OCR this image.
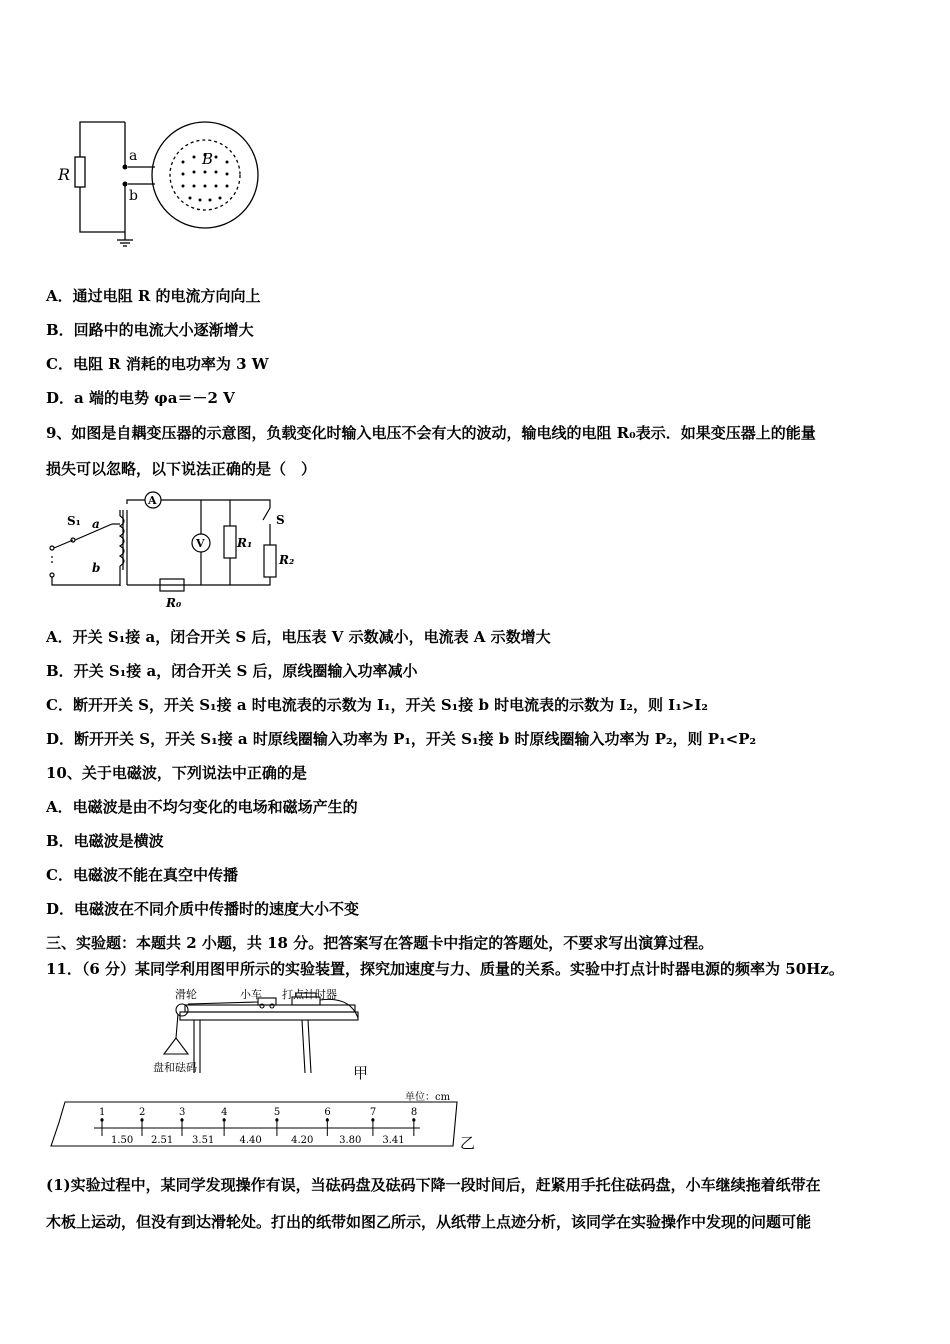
R
a
b
B
A．通过电阻 R 的电流方向向上
B．回路中的电流大小逐渐增大
C．电阻 R 消耗的电功率为 3 W
D．a 端的电势 φa＝－2 V
9、如图是自耦变压器的示意图，负载变化时输入电压不会有大的波动，输电线的电阻 R₀表示．如果变压器上的能量
损失可以忽略，以下说法正确的是（　）
S₁ a
b
A
V	R₁
R₂
R₀
S
A．开关 S₁接 a，闭合开关 S 后，电压表 V 示数减小，电流表 A 示数增大
B．开关 S₁接 a，闭合开关 S 后，原线圈输入功率减小
C．断开开关 S，开关 S₁接 a 时电流表的示数为 I₁，开关 S₁接 b 时电流表的示数为 I₂，则 I₁>I₂
D．断开开关 S，开关 S₁接 a 时原线圈输入功率为 P₁，开关 S₁接 b 时原线圈输入功率为 P₂，则 P₁<P₂
10、关于电磁波，下列说法中正确的是
A．电磁波是由不均匀变化的电场和磁场产生的
B．电磁波是横波
C．电磁波不能在真空中传播
D．电磁波在不同介质中传播时的速度大小不变
三、实验题：本题共 2 小题，共 18 分。把答案写在答题卡中指定的答题处，不要求写出演算过程。
11．（6 分）某同学利用图甲所示的实验装置，探究加速度与力、质量的关系。实验中打点计时器电源的频率为 50Hz。
滑轮	小车 打点计时器
盘和砝码	甲
单位：cm
1	2	3	4	5	6	7	8
1.50 2.51 3.51	4.40	4.20	3.80 3.41	乙
(1)实验过程中，某同学发现操作有误，当砝码盘及砝码下降一段时间后，赶紧用手托住砝码盘，小车继续拖着纸带在
木板上运动，但没有到达滑轮处。打出的纸带如图乙所示，从纸带上点迹分析，该同学在实验操作中发现的问题可能
